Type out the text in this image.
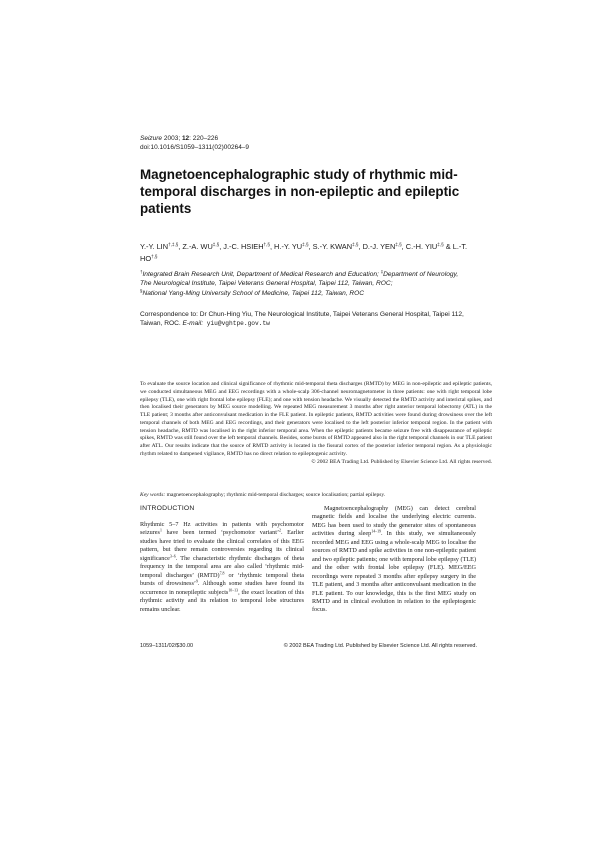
Seizure 2003; 12: 220–226
doi:10.1016/S1059–1311(02)00264–9
Magnetoencephalographic study of rhythmic mid-temporal discharges in non-epileptic and epileptic patients
Y.-Y. LIN†,‡,§, Z.-A. WU‡,§, J.-C. HSIEH†,§, H.-Y. YU‡,§, S.-Y. KWAN‡,§, D.-J. YEN‡,§, C.-H. YIU‡,§ & L.-T. HO†,§

†Integrated Brain Research Unit, Department of Medical Research and Education; ‡Department of Neurology, The Neurological Institute, Taipei Veterans General Hospital, Taipei 112, Taiwan, ROC;

§National Yang-Ming University School of Medicine, Taipei 112, Taiwan, ROC

Correspondence to: Dr Chun-Hing Yiu, The Neurological Institute, Taipei Veterans General Hospital, Taipei 112, Taiwan, ROC. E-mail: yiu@vghtpe.gov.tw

To evaluate the source location and clinical significance of rhythmic mid-temporal theta discharges (RMTD) by MEG in non-epileptic and epileptic patients, we conducted simultaneous MEG and EEG recordings with a whole-scalp 306-channel neuromagnetometer in three patients: one with right temporal lobe epilepsy (TLE), one with right frontal lobe epilepsy (FLE); and one with tension headache. We visually detected the RMTD activity and interictal spikes, and then localised their generators by MEG source modelling. We repeated MEG measurement 3 months after right anterior temporal lobectomy (ATL) in the TLE patient; 3 months after anticonvulsant medication in the FLE patient. In epileptic patients, RMTD activities were found during drowsiness over the left temporal channels of both MEG and EEG recordings, and their generators were localised to the left posterior inferior temporal region. In the patient with tension headache, RMTD was localised in the right inferior temporal area. When the epileptic patients became seizure free with disappearance of epileptic spikes, RMTD was still found over the left temporal channels. Besides, some bursts of RMTD appeared also in the right temporal channels in our TLE patient after ATL. Our results indicate that the source of RMTD activity is located in the fissural cortex of the posterior inferior temporal region. As a physiologic rhythm related to dampened vigilance, RMTD has no direct relation to epileptogenic activity.

© 2002 BEA Trading Ltd. Published by Elsevier Science Ltd. All rights reserved.

Key words: magnetoencephalography; rhythmic mid-temporal discharges; source localisation; partial epilepsy.
INTRODUCTION

Rhythmic 5–7 Hz activities in patients with psychomotor seizures$^1$ have been termed ‘psychomotor variant’$^2$. Earlier studies have tried to evaluate the clinical correlates of this EEG pattern, but there remain controversies regarding its clinical significance$^{3-6}$. The characteristic rhythmic discharges of theta frequency in the temporal area are also called ‘rhythmic mid-temporal discharges’ (RMTD)$^{7,8}$ or ‘rhythmic temporal theta bursts of drowsiness’$^9$. Although some studies have found its occurrence in nonepileptic subjects$^{10-13}$, the exact location of this rhythmic activity and its relation to temporal lobe structures remains unclear.

Magnetoencephalography (MEG) can detect cerebral magnetic fields and localise the underlying electric currents. MEG has been used to study the generator sites of spontaneous activities during sleep$^{14-19}$. In this study, we simultaneously recorded MEG and EEG using a whole-scalp MEG to localise the sources of RMTD and spike activities in one non-epileptic patient and two epileptic patients; one with temporal lobe epilepsy (TLE) and the other with frontal lobe epilepsy (FLE). MEG/EEG recordings were repeated 3 months after epilepsy surgery in the TLE patient, and 3 months after anticonvulsant medication in the FLE patient. To our knowledge, this is the first MEG study on RMTD and in clinical evolution in relation to the epileptogenic focus.

1059–1311/02/$30.00	© 2002 BEA Trading Ltd. Published by Elsevier Science Ltd. All rights reserved.
